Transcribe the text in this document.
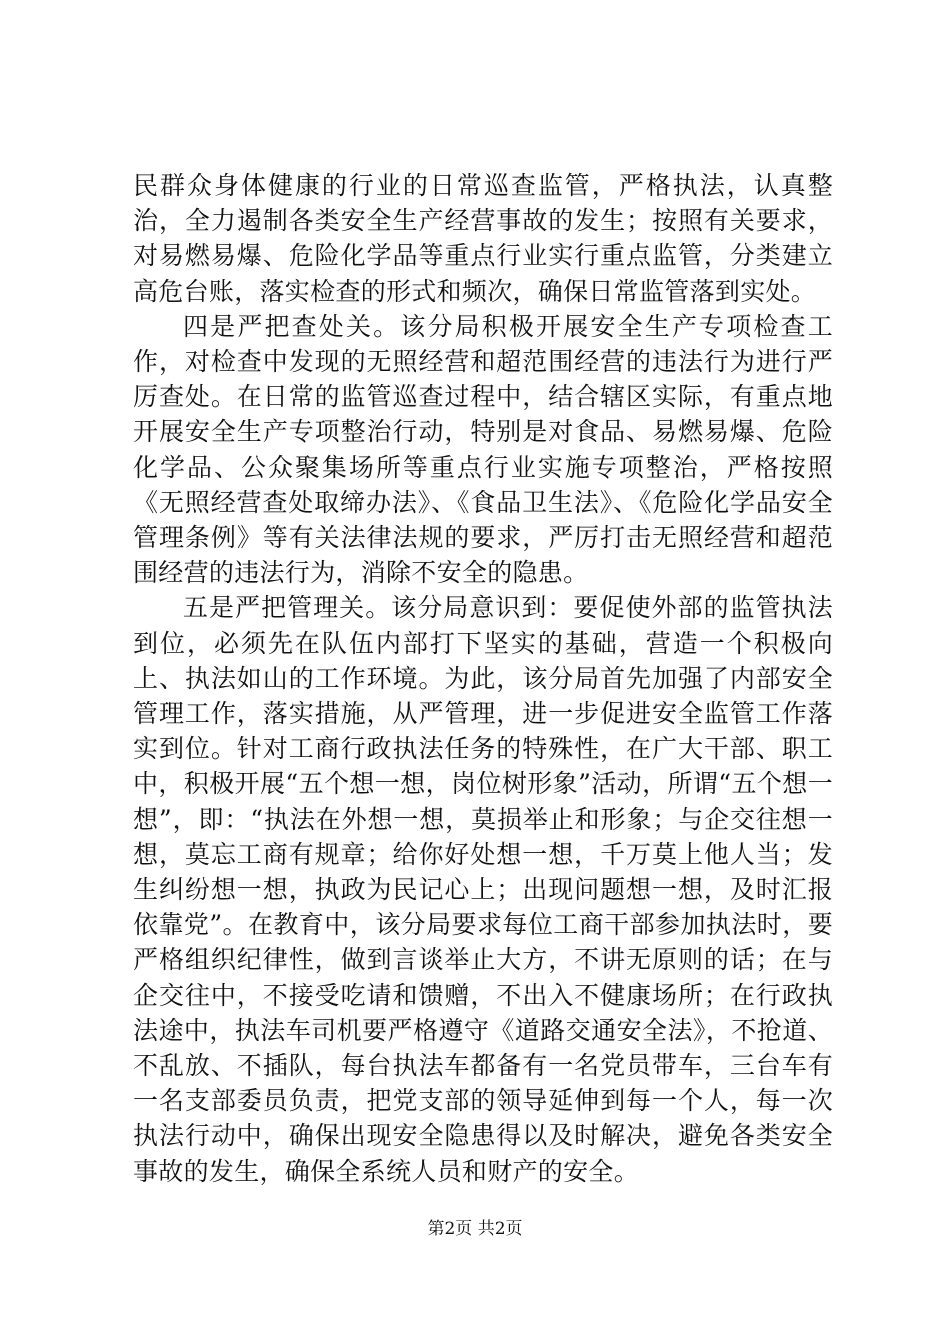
民群众身体健康的行业的日常巡查监管，严格执法，认真整治，全力遏制各类安全生产经营事故的发生；按照有关要求，对易燃易爆、危险化学品等重点行业实行重点监管，分类建立高危台账，落实检查的形式和频次，确保日常监管落到实处。

四是严把查处关。该分局积极开展安全生产专项检查工作，对检查中发现的无照经营和超范围经营的违法行为进行严厉查处。在日常的监管巡查过程中，结合辖区实际，有重点地开展安全生产专项整治行动，特别是对食品、易燃易爆、危险化学品、公众聚集场所等重点行业实施专项整治，严格按照《无照经营查处取缔办法》、《食品卫生法》、《危险化学品安全管理条例》等有关法律法规的要求，严厉打击无照经营和超范围经营的违法行为，消除不安全的隐患。

五是严把管理关。该分局意识到：要促使外部的监管执法到位，必须先在队伍内部打下坚实的基础，营造一个积极向上、执法如山的工作环境。为此，该分局首先加强了内部安全管理工作，落实措施，从严管理，进一步促进安全监管工作落实到位。针对工商行政执法任务的特殊性，在广大干部、职工中，积极开展“五个想一想，岗位树形象”活动，所谓“五个想一想”，即：“执法在外想一想，莫损举止和形象；与企交往想一想，莫忘工商有规章；给你好处想一想，千万莫上他人当；发生纠纷想一想，执政为民记心上；出现问题想一想，及时汇报依靠党”。在教育中，该分局要求每位工商干部参加执法时，要严格组织纪律性，做到言谈举止大方，不讲无原则的话；在与企交往中，不接受吃请和馈赠，不出入不健康场所；在行政执法途中，执法车司机要严格遵守《道路交通安全法》，不抢道、不乱放、不插队，每台执法车都备有一名党员带车，三台车有一名支部委员负责，把党支部的领导延伸到每一个人，每一次执法行动中，确保出现安全隐患得以及时解决，避免各类安全事故的发生，确保全系统人员和财产的安全。

第2页 共2页
